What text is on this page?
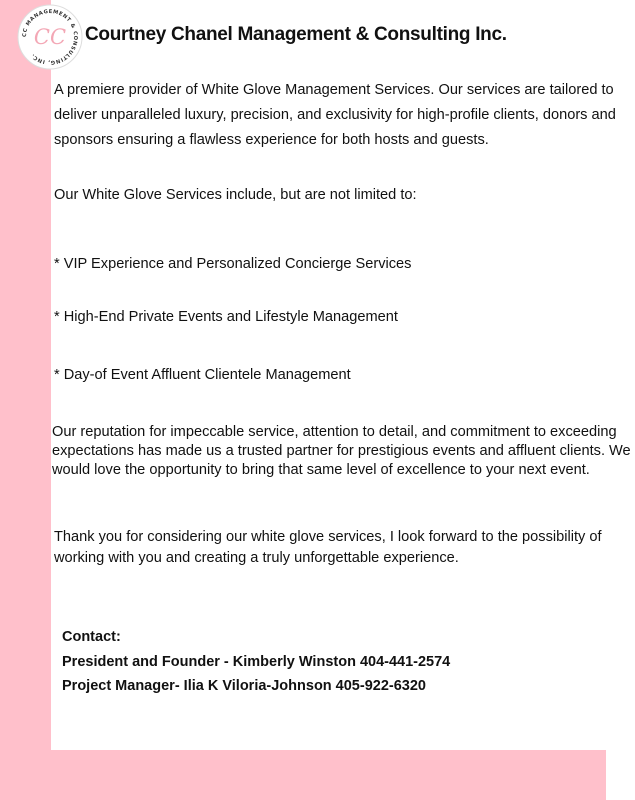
CC MANAGEMENT & CONSULTING, INC.
CC Courtney Chanel Management & Consulting Inc.
A premiere provider of White Glove Management Services. Our services are tailored to deliver unparalleled luxury, precision, and exclusivity for high-profile clients, donors and sponsors ensuring a flawless experience for both hosts and guests.
Our White Glove Services include, but are not limited to:
* VIP Experience and Personalized Concierge Services
* High-End Private Events and Lifestyle Management
* Day-of Event Affluent Clientele Management
Our reputation for impeccable service, attention to detail, and commitment to exceeding expectations has made us a trusted partner for prestigious events and affluent clients. We would love the opportunity to bring that same level of excellence to your next event.
Thank you for considering our white glove services, I look forward to the possibility of working with you and creating a truly unforgettable experience.
Contact:
President and Founder - Kimberly Winston 404-441-2574
Project Manager- Ilia K Viloria-Johnson 405-922-6320
